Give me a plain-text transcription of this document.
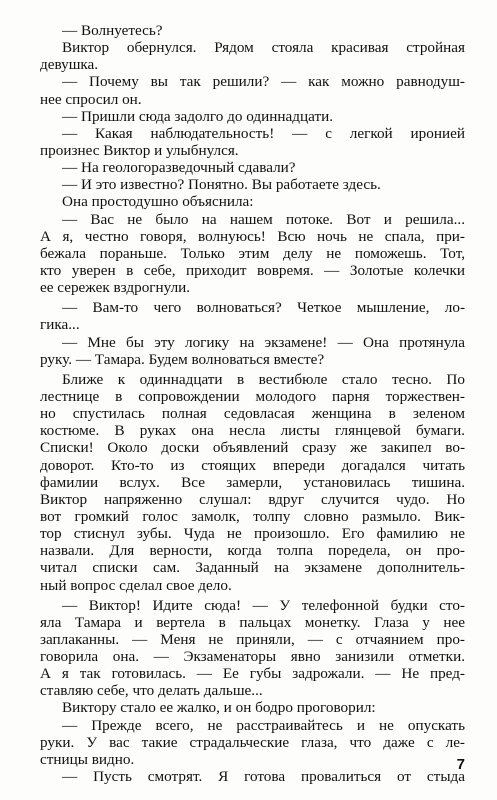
— Волнуетесь?
Виктор обернулся. Рядом стояла красивая стройная
девушка.
— Почему вы так решили? — как можно равнодуш-
нее спросил он.
— Пришли сюда задолго до одиннадцати.
— Какая наблюдательность! — с легкой иронией
произнес Виктор и улыбнулся.
— На геологоразведочный сдавали?
— И это известно? Понятно. Вы работаете здесь.
Она простодушно объяснила:
— Вас не было на нашем потоке. Вот и решила...
А я, честно говоря, волнуюсь! Всю ночь не спала, при-
бежала пораньше. Только этим делу не поможешь. Тот,
кто уверен в себе, приходит вовремя. — Золотые колечки
ее сережек вздрогнули.
— Вам-то чего волноваться? Четкое мышление, ло-
гика...
— Мне бы эту логику на экзамене! — Она протянула
руку. — Тамара. Будем волноваться вместе?
Ближе к одиннадцати в вестибюле стало тесно. По
лестнице в сопровождении молодого парня торжествен-
но спустилась полная седовласая женщина в зеленом
костюме. В руках она несла листы глянцевой бумаги.
Списки! Около доски объявлений сразу же закипел во-
доворот. Кто-то из стоящих впереди догадался читать
фамилии вслух. Все замерли, установилась тишина.
Виктор напряженно слушал: вдруг случится чудо. Но
вот громкий голос замолк, толпу словно размыло. Вик-
тор стиснул зубы. Чуда не произошло. Его фамилию не
назвали. Для верности, когда толпа поредела, он про-
читал списки сам. Заданный на экзамене дополнитель-
ный вопрос сделал свое дело.
— Виктор! Идите сюда! — У телефонной будки сто-
яла Тамара и вертела в пальцах монетку. Глаза у нее
заплаканны. — Меня не приняли, — с отчаянием про-
говорила она. — Экзаменаторы явно занизили отметки.
А я так готовилась. — Ее губы задрожали. — Не пред-
ставляю себе, что делать дальше...
Виктору стало ее жалко, и он бодро проговорил:
— Прежде всего, не расстраивайтесь и не опускать
руки. У вас такие страдальческие глаза, что даже с ле-
стницы видно.
— Пусть смотрят. Я готова провалиться от стыда
7
